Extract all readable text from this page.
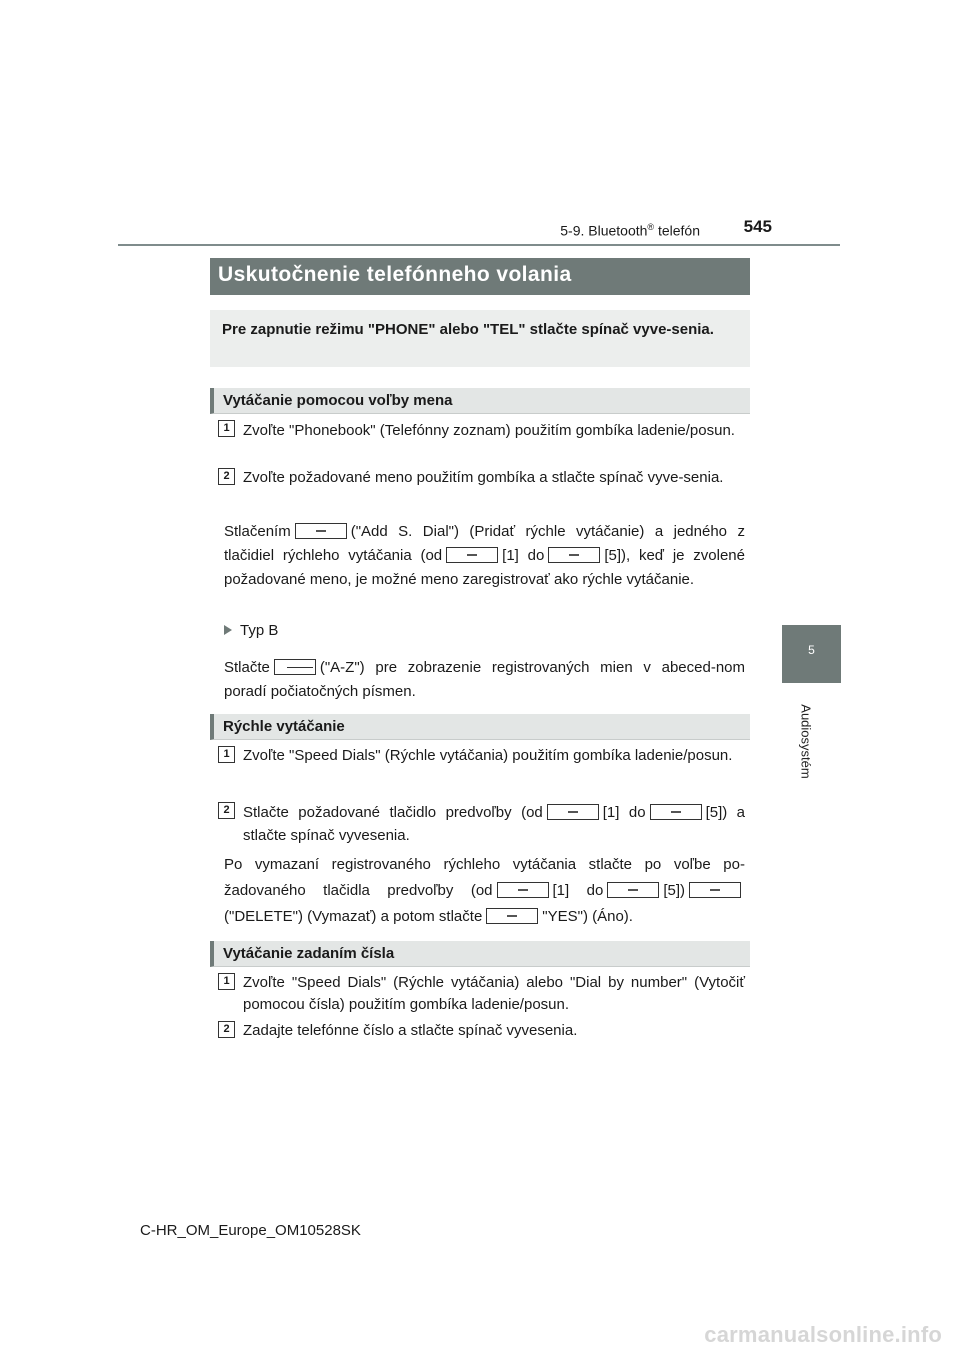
5-9. Bluetooth® telefón	545
5
Audiosystém
Uskutočnenie telefónneho volania

Pre zapnutie režimu "PHONE" alebo "TEL" stlačte spínač vyve-senia.

Vytáčanie pomocou voľby mena
1 Zvoľte "Phonebook" (Telefónny zoznam) použitím gombíka ladenie/posun.

2 Zvoľte požadované meno použitím gombíka a stlačte spínač vyve-senia.

Stlačením	("Add S. Dial") (Pridať rýchle vytáčanie) a jedného z tlačidiel rýchleho vytáčania (od	[1] do	[5]), keď je zvolené požadované meno, je možné meno zaregistrovať ako rýchle vytáčanie.

Typ B

Stlačte	("A-Z") pre zobrazenie registrovaných mien v abeced-nom poradí počiatočných písmen.

Rýchle vytáčanie
1 Zvoľte "Speed Dials" (Rýchle vytáčania) použitím gombíka ladenie/posun.

2 Stlačte požadované tlačidlo predvoľby (od	[1] do	[5]) a stlačte spínač vyvesenia.

Po vymazaní registrovaného rýchleho vytáčania stlačte po voľbe po-žadovaného tlačidla predvoľby (od	[1] do	[5])("DELETE") (Vymazať) a potom stlačte	"YES") (Áno).

Vytáčanie zadaním čísla
1 Zvoľte "Speed Dials" (Rýchle vytáčania) alebo "Dial by number" (Vytočiť pomocou čísla) použitím gombíka ladenie/posun.

2 Zadajte telefónne číslo a stlačte spínač vyvesenia.

C-HR_OM_Europe_OM10528SK
carmanualsonline.info
